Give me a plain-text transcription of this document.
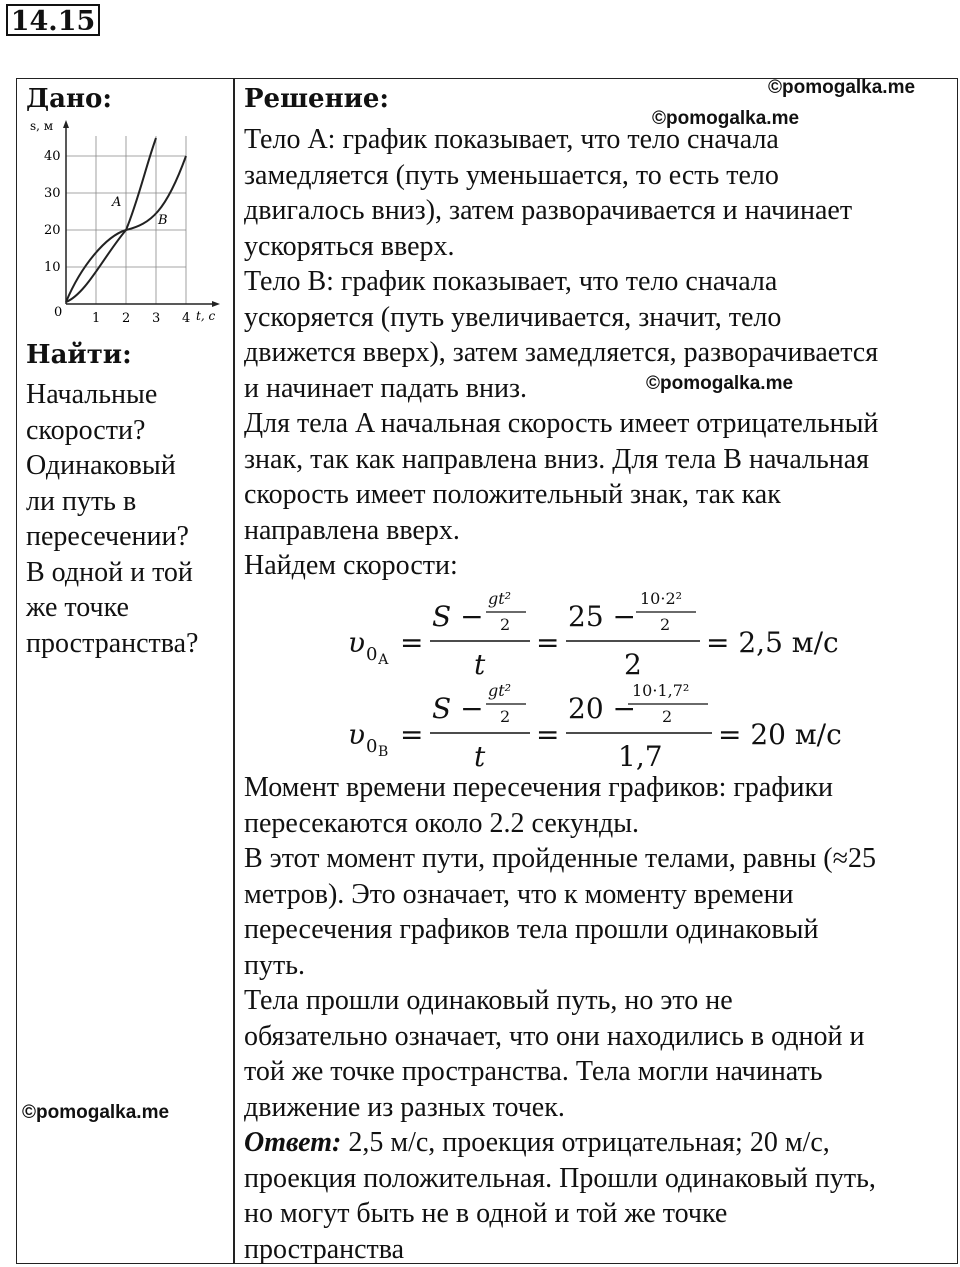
14.15
Дано:
s, м
40
30
20
10
0 1 2 3 4 t, c
A
B
Найти:
Начальные
скорости?
Одинаковый
ли путь в
пересечении?
В одной и той
же точке
пространства?
©pomogalka.me
Решение:	©pomogalka.me
©pomogalka.me
©pomogalka.me
Тело A: график показывает, что тело сначала
замедляется (путь уменьшается, то есть тело
двигалось вниз), затем разворачивается и начинает
ускоряться вверх.
Тело B: график показывает, что тело сначала
ускоряется (путь увеличивается, значит, тело
движется вверх), затем замедляется, разворачивается
и начинает падать вниз.
Для тела A начальная скорость имеет отрицательный
знак, так как направлена вниз. Для тела B начальная
скорость имеет положительный знак, так как
направлена вверх.
Найдем скорости:
υ 0 А
=
S −
gt²
2
t
=
25 −
10·2²
2
2
= 2,5 м/с
υ 0 В
=
S −
gt²
2
t
=
20 −
10·1,7²
2
1,7
= 20 м/с
Момент времени пересечения графиков: графики
пересекаются около 2.2 секунды.
В этот момент пути, пройденные телами, равны (≈25
метров). Это означает, что к моменту времени
пересечения графиков тела прошли одинаковый
путь.
Тела прошли одинаковый путь, но это не
обязательно означает, что они находились в одной и
той же точке пространства. Тела могли начинать
движение из разных точек.
Ответ: 2,5 м/с, проекция отрицательная; 20 м/с,
проекция положительная. Прошли одинаковый путь,
но могут быть не в одной и той же точке
пространства
